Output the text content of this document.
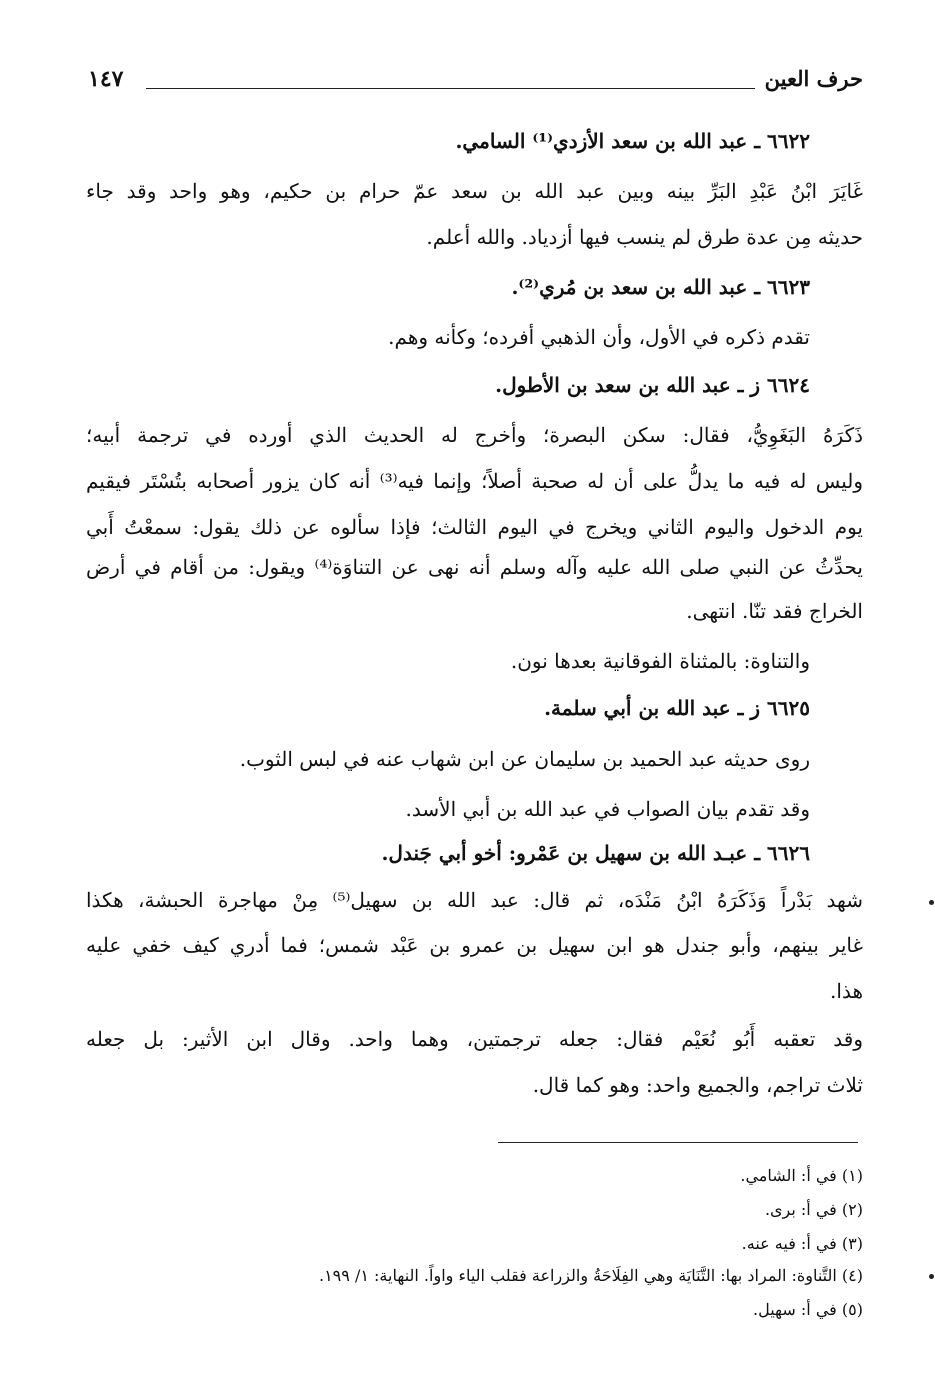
حرف العين
١٤٧
٦٦٢٢ ـ عبد الله بن سعد الأزدي⁽¹⁾ السامي.
غَايَرَ ابْنُ عَبْدِ البَرِّ بينه وبين عبد الله بن سعد عمّ حرام بن حكيم، وهو واحد وقد جاء
حديثه مِن عدة طرق لم ينسب فيها أزدياد. والله أعلم.
٦٦٢٣ ـ عبد الله بن سعد بن مُري⁽²⁾.
تقدم ذكره في الأول، وأن الذهبي أفرده؛ وكأنه وهم.
٦٦٢٤ ز ـ عبد الله بن سعد بن الأطول.
ذَكَرَهُ البَغَوِيُّ، فقال: سكن البصرة؛ وأخرج له الحديث الذي أورده في ترجمة أبيه؛
وليس له فيه ما يدلُّ على أن له صحبة أصلاً؛ وإنما فيه⁽³⁾ أنه كان يزور أصحابه بتُسْتَر فيقيم
يوم الدخول واليوم الثاني ويخرج في اليوم الثالث؛ فإذا سألوه عن ذلك يقول: سمعْتُ أَبي
يحدِّثُ عن النبي صلى الله عليه وآله وسلم أنه نهى عن التناوَة⁽⁴⁾ ويقول: من أقام في أرض
الخراج فقد تنّا. انتهى.
والتناوة: بالمثناة الفوقانية بعدها نون.
٦٦٢٥ ز ـ عبد الله بن أبي سلمة.
روى حديثه عبد الحميد بن سليمان عن ابن شهاب عنه في لبس الثوب.
وقد تقدم بيان الصواب في عبد الله بن أبي الأسد.
٦٦٢٦ ـ عبـد الله بن سهيل بن عَمْرو: أخو أبي جَندل.
شهد بَدْراً وَذَكَرَهُ ابْنُ مَنْدَه، ثم قال: عبد الله بن سهيل⁽⁵⁾ مِنْ مهاجرة الحبشة، هكذا
غاير بينهم، وأبو جندل هو ابن سهيل بن عمرو بن عَبْد شمس؛ فما أدري كيف خفي عليه
هذا.
وقد تعقبه أَبُو نُعَيْم فقال: جعله ترجمتين، وهما واحد. وقال ابن الأثير: بل جعله
ثلاث تراجم، والجميع واحد: وهو كما قال.
(١) في أ: الشامي.
(٢) في أ: برى.
(٣) في أ: فيه عنه.
(٤) التَّناوة: المراد بها: التَّنَايَة وهي الفِلَاحَةُ والزراعة فقلب الياء واواً. النهاية: ١/ ١٩٩.
(٥) في أ: سهيل.
